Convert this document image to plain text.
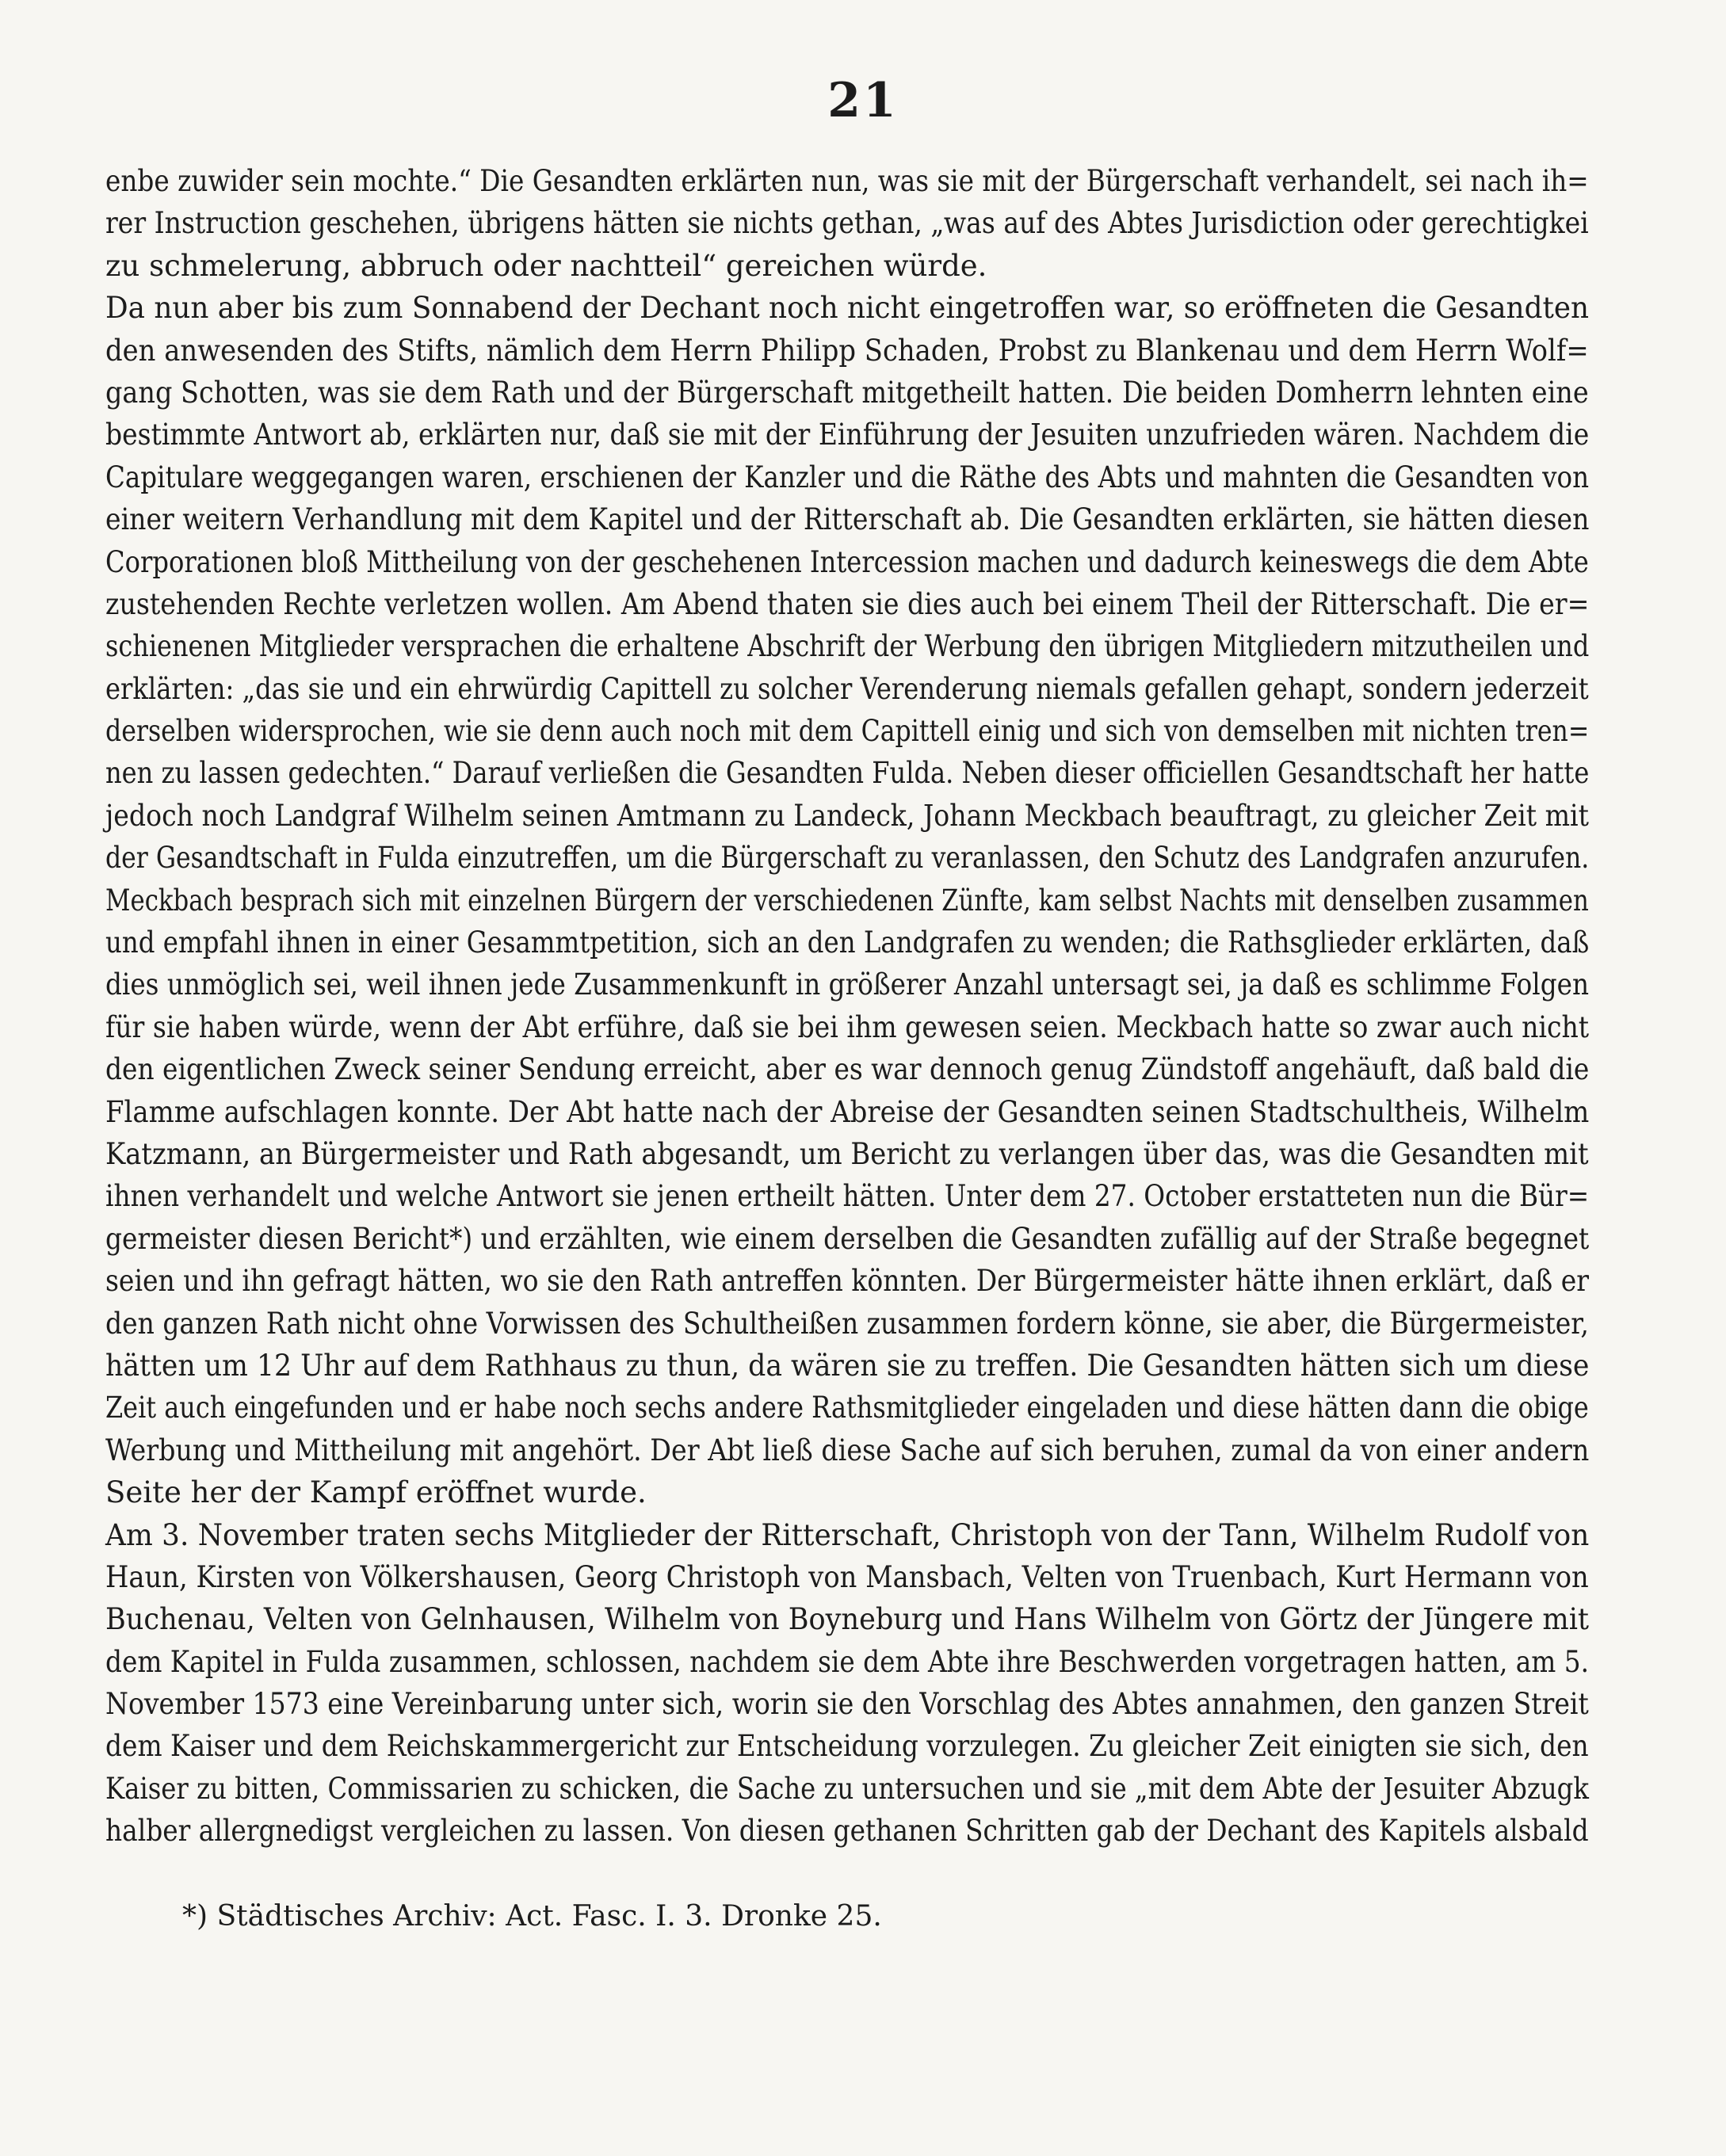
21
enbe zuwider sein mochte.“ Die Gesandten erklärten nun, was sie mit der Bürgerschaft verhandelt, sei nach ih=
rer Instruction geschehen, übrigens hätten sie nichts gethan, „was auf des Abtes Jurisdiction oder gerechtigkei
zu schmelerung, abbruch oder nachtteil“ gereichen würde.
Da nun aber bis zum Sonnabend der Dechant noch nicht eingetroffen war, so eröffneten die Gesandten
den anwesenden des Stifts, nämlich dem Herrn Philipp Schaden, Probst zu Blankenau und dem Herrn Wolf=
gang Schotten, was sie dem Rath und der Bürgerschaft mitgetheilt hatten. Die beiden Domherrn lehnten eine
bestimmte Antwort ab, erklärten nur, daß sie mit der Einführung der Jesuiten unzufrieden wären. Nachdem die
Capitulare weggegangen waren, erschienen der Kanzler und die Räthe des Abts und mahnten die Gesandten von
einer weitern Verhandlung mit dem Kapitel und der Ritterschaft ab. Die Gesandten erklärten, sie hätten diesen
Corporationen bloß Mittheilung von der geschehenen Intercession machen und dadurch keineswegs die dem Abte
zustehenden Rechte verletzen wollen. Am Abend thaten sie dies auch bei einem Theil der Ritterschaft. Die er=
schienenen Mitglieder versprachen die erhaltene Abschrift der Werbung den übrigen Mitgliedern mitzutheilen und
erklärten: „das sie und ein ehrwürdig Capittell zu solcher Verenderung niemals gefallen gehapt, sondern jederzeit
derselben widersprochen, wie sie denn auch noch mit dem Capittell einig und sich von demselben mit nichten tren=
nen zu lassen gedechten.“ Darauf verließen die Gesandten Fulda. Neben dieser officiellen Gesandtschaft her hatte
jedoch noch Landgraf Wilhelm seinen Amtmann zu Landeck, Johann Meckbach beauftragt, zu gleicher Zeit mit
der Gesandtschaft in Fulda einzutreffen, um die Bürgerschaft zu veranlassen, den Schutz des Landgrafen anzurufen.
Meckbach besprach sich mit einzelnen Bürgern der verschiedenen Zünfte, kam selbst Nachts mit denselben zusammen
und empfahl ihnen in einer Gesammtpetition, sich an den Landgrafen zu wenden; die Rathsglieder erklärten, daß
dies unmöglich sei, weil ihnen jede Zusammenkunft in größerer Anzahl untersagt sei, ja daß es schlimme Folgen
für sie haben würde, wenn der Abt erführe, daß sie bei ihm gewesen seien. Meckbach hatte so zwar auch nicht
den eigentlichen Zweck seiner Sendung erreicht, aber es war dennoch genug Zündstoff angehäuft, daß bald die
Flamme aufschlagen konnte. Der Abt hatte nach der Abreise der Gesandten seinen Stadtschultheis, Wilhelm
Katzmann, an Bürgermeister und Rath abgesandt, um Bericht zu verlangen über das, was die Gesandten mit
ihnen verhandelt und welche Antwort sie jenen ertheilt hätten. Unter dem 27. October erstatteten nun die Bür=
germeister diesen Bericht*) und erzählten, wie einem derselben die Gesandten zufällig auf der Straße begegnet
seien und ihn gefragt hätten, wo sie den Rath antreffen könnten. Der Bürgermeister hätte ihnen erklärt, daß er
den ganzen Rath nicht ohne Vorwissen des Schultheißen zusammen fordern könne, sie aber, die Bürgermeister,
hätten um 12 Uhr auf dem Rathhaus zu thun, da wären sie zu treffen. Die Gesandten hätten sich um diese
Zeit auch eingefunden und er habe noch sechs andere Rathsmitglieder eingeladen und diese hätten dann die obige
Werbung und Mittheilung mit angehört. Der Abt ließ diese Sache auf sich beruhen, zumal da von einer andern
Seite her der Kampf eröffnet wurde.
Am 3. November traten sechs Mitglieder der Ritterschaft, Christoph von der Tann, Wilhelm Rudolf von
Haun, Kirsten von Völkershausen, Georg Christoph von Mansbach, Velten von Truenbach, Kurt Hermann von
Buchenau, Velten von Gelnhausen, Wilhelm von Boyneburg und Hans Wilhelm von Görtz der Jüngere mit
dem Kapitel in Fulda zusammen, schlossen, nachdem sie dem Abte ihre Beschwerden vorgetragen hatten, am 5.
November 1573 eine Vereinbarung unter sich, worin sie den Vorschlag des Abtes annahmen, den ganzen Streit
dem Kaiser und dem Reichskammergericht zur Entscheidung vorzulegen. Zu gleicher Zeit einigten sie sich, den
Kaiser zu bitten, Commissarien zu schicken, die Sache zu untersuchen und sie „mit dem Abte der Jesuiter Abzugk
halber allergnedigst vergleichen zu lassen. Von diesen gethanen Schritten gab der Dechant des Kapitels alsbald
*) Städtisches Archiv: Act. Fasc. I. 3. Dronke 25.
